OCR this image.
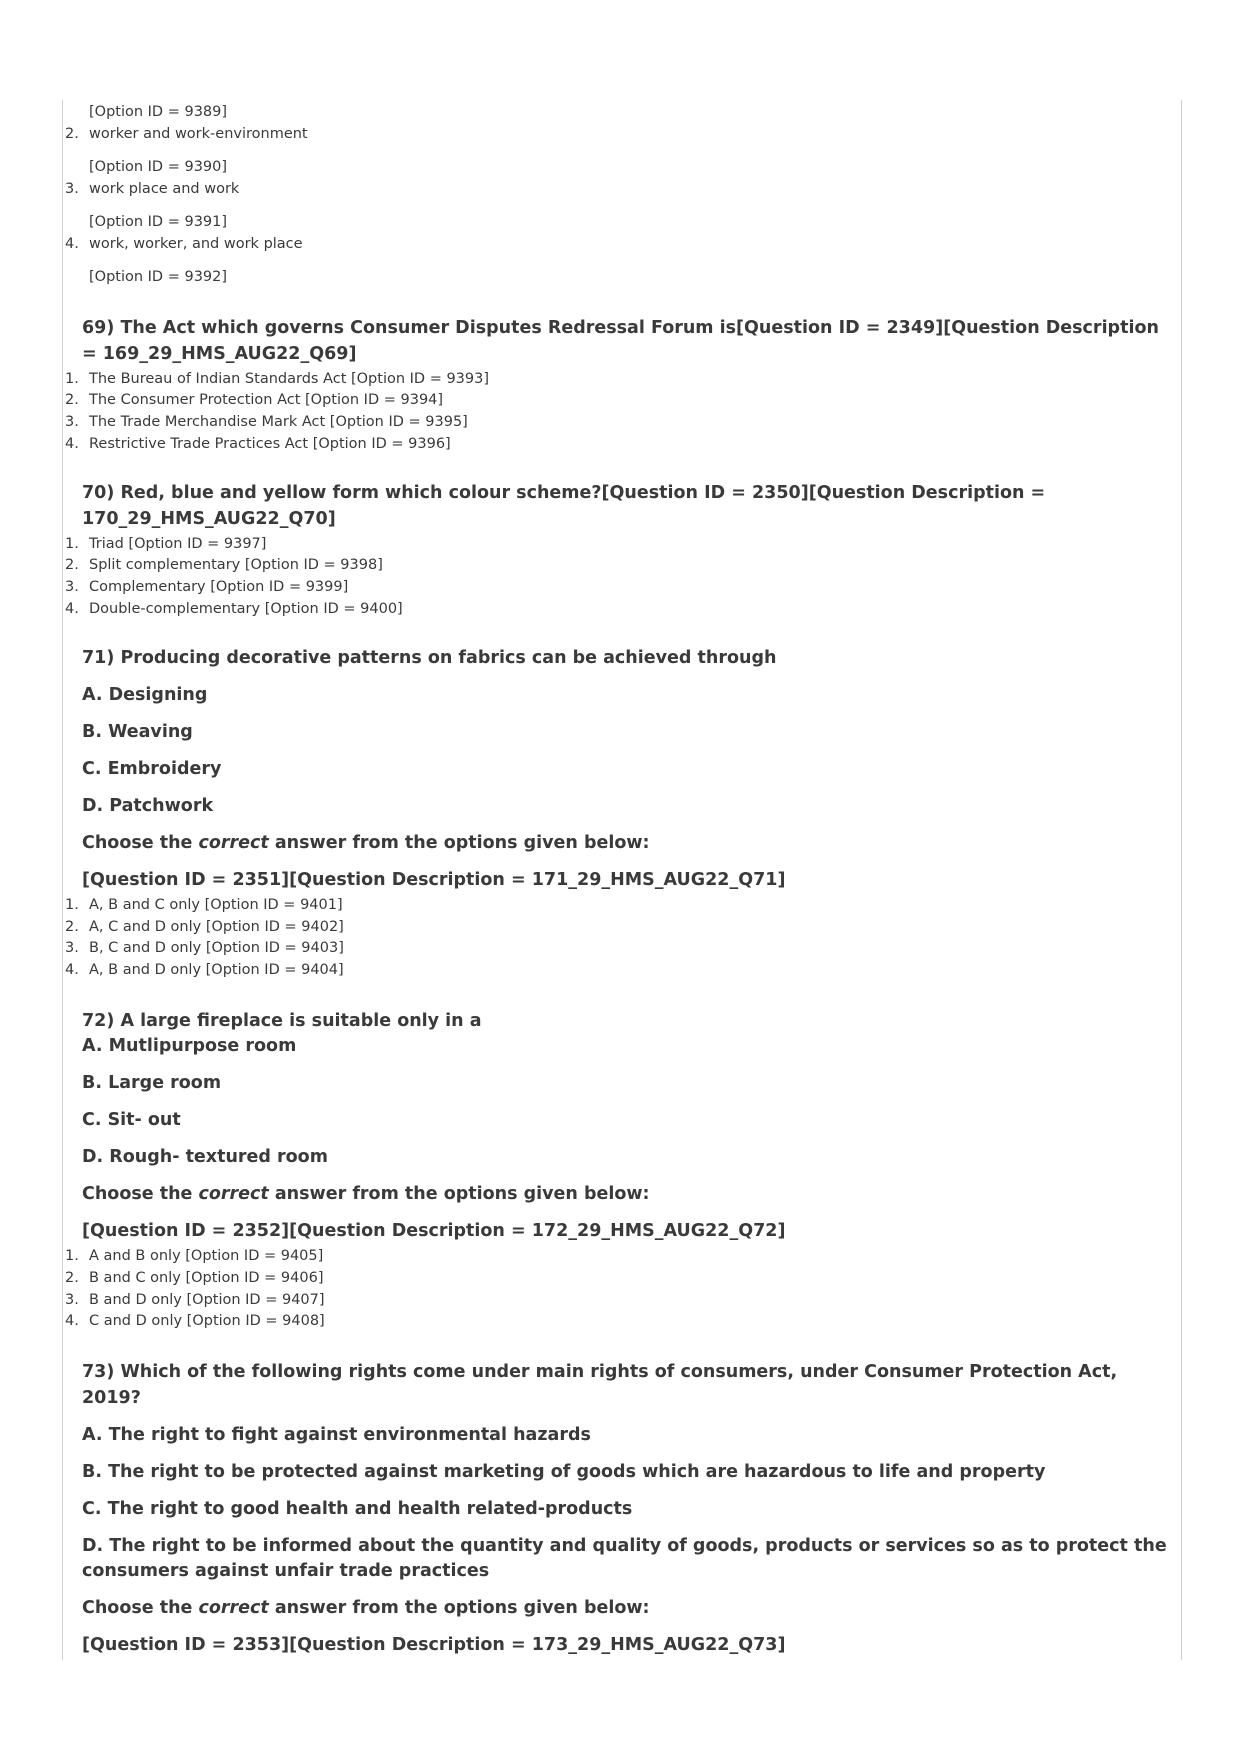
[Option ID = 9389]
2. worker and work-environment
[Option ID = 9390]
3. work place and work
[Option ID = 9391]
4. work, worker, and work place
[Option ID = 9392]
69) The Act which governs Consumer Disputes Redressal Forum is[Question ID = 2349][Question Description = 169_29_HMS_AUG22_Q69]
1. The Bureau of Indian Standards Act [Option ID = 9393]
2. The Consumer Protection Act [Option ID = 9394]
3. The Trade Merchandise Mark Act [Option ID = 9395]
4. Restrictive Trade Practices Act [Option ID = 9396]
70) Red, blue and yellow form which colour scheme?[Question ID = 2350][Question Description = 170_29_HMS_AUG22_Q70]
1. Triad [Option ID = 9397]
2. Split complementary [Option ID = 9398]
3. Complementary [Option ID = 9399]
4. Double-complementary [Option ID = 9400]
71) Producing decorative patterns on fabrics can be achieved through
A. Designing
B. Weaving
C. Embroidery
D. Patchwork
Choose the correct answer from the options given below:
[Question ID = 2351][Question Description = 171_29_HMS_AUG22_Q71]
1. A, B and C only [Option ID = 9401]
2. A, C and D only [Option ID = 9402]
3. B, C and D only [Option ID = 9403]
4. A, B and D only [Option ID = 9404]
72) A large fireplace is suitable only in a
A. Mutlipurpose room
B. Large room
C. Sit- out
D. Rough- textured room
Choose the correct answer from the options given below:
[Question ID = 2352][Question Description = 172_29_HMS_AUG22_Q72]
1. A and B only [Option ID = 9405]
2. B and C only [Option ID = 9406]
3. B and D only [Option ID = 9407]
4. C and D only [Option ID = 9408]
73) Which of the following rights come under main rights of consumers, under Consumer Protection Act, 2019?
A. The right to fight against environmental hazards
B. The right to be protected against marketing of goods which are hazardous to life and property
C. The right to good health and health related-products
D. The right to be informed about the quantity and quality of goods, products or services so as to protect the consumers against unfair trade practices
Choose the correct answer from the options given below:
[Question ID = 2353][Question Description = 173_29_HMS_AUG22_Q73]
